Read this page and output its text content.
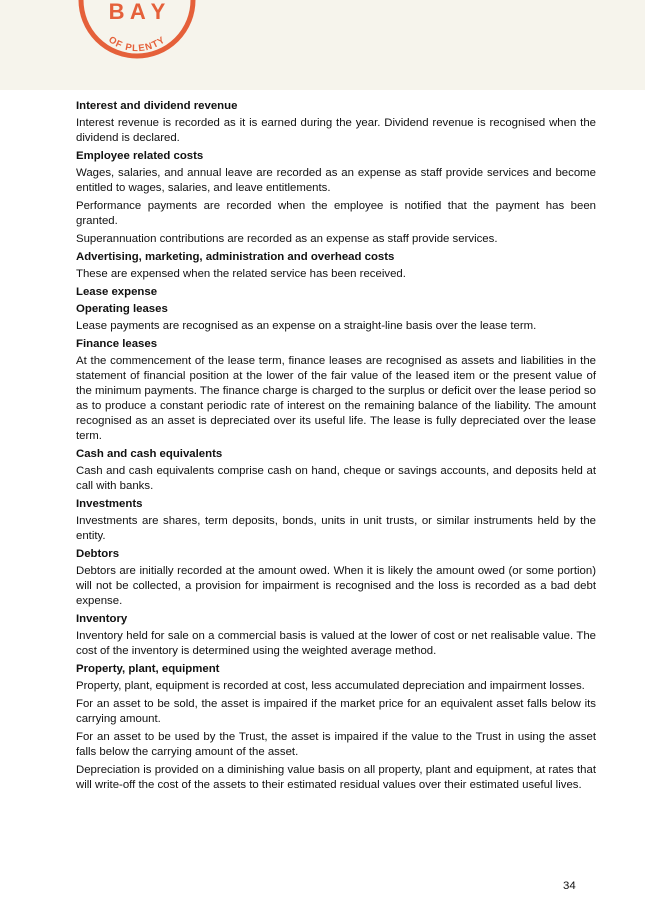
B A Y
OF PLENTY
Interest and dividend revenue

Interest revenue is recorded as it is earned during the year. Dividend revenue is recognised when the dividend is declared.

Employee related costs

Wages, salaries, and annual leave are recorded as an expense as staff provide services and become entitled to wages, salaries, and leave entitlements.

Performance payments are recorded when the employee is notified that the payment has been granted.

Superannuation contributions are recorded as an expense as staff provide services.

Advertising, marketing, administration and overhead costs

These are expensed when the related service has been received.

Lease expense
Operating leases

Lease payments are recognised as an expense on a straight-line basis over the lease term.

Finance leases

At the commencement of the lease term, finance leases are recognised as assets and liabilities in the statement of financial position at the lower of the fair value of the leased item or the present value of the minimum payments. The finance charge is charged to the surplus or deficit over the lease period so as to produce a constant periodic rate of interest on the remaining balance of the liability. The amount recognised as an asset is depreciated over its useful life. The lease is fully depreciated over the lease term.

Cash and cash equivalents

Cash and cash equivalents comprise cash on hand, cheque or savings accounts, and deposits held at call with banks.

Investments

Investments are shares, term deposits, bonds, units in unit trusts, or similar instruments held by the entity.

Debtors

Debtors are initially recorded at the amount owed. When it is likely the amount owed (or some portion) will not be collected, a provision for impairment is recognised and the loss is recorded as a bad debt expense.

Inventory

Inventory held for sale on a commercial basis is valued at the lower of cost or net realisable value. The cost of the inventory is determined using the weighted average method.

Property, plant, equipment

Property, plant, equipment is recorded at cost, less accumulated depreciation and impairment losses.

For an asset to be sold, the asset is impaired if the market price for an equivalent asset falls below its carrying amount.

For an asset to be used by the Trust, the asset is impaired if the value to the Trust in using the asset falls below the carrying amount of the asset.

Depreciation is provided on a diminishing value basis on all property, plant and equipment, at rates that will write-off the cost of the assets to their estimated residual values over their estimated useful lives.

34
